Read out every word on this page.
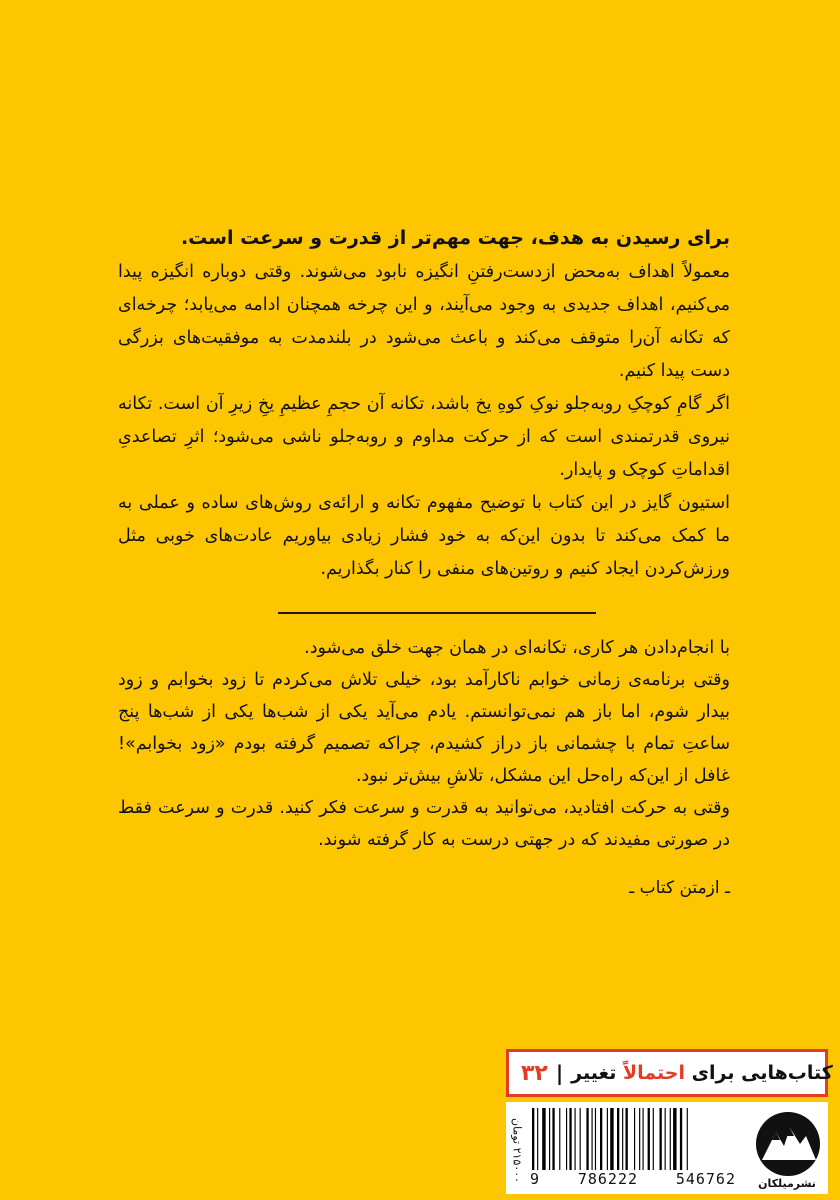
برای رسیدن به هدف، جهت مهم‌تر از قدرت و سرعت است.

معمولاً اهداف به‌محض ازدست‌رفتنِ انگیزه نابود می‌شوند. وقتی دوباره انگیزه پیدا می‌کنیم، اهداف جدیدی به وجود می‌آیند، و این چرخه همچنان ادامه می‌یابد؛ چرخه‌ای که تکانه آن‌را متوقف می‌کند و باعث می‌شود در بلندمدت به موفقیت‌های بزرگی دست پیدا کنیم.

اگر گامِ کوچکِ روبه‌جلو نوکِ کوهِ یخ باشد، تکانه آن حجمِ عظیمِ یخِ زیرِ آن است. تکانه نیروی قدرتمندی است که از حرکت مداوم و روبه‌جلو ناشی می‌شود؛ اثرِ تصاعدیِ اقداماتِ کوچک و پایدار.

استیون گایز در این کتاب با توضیح مفهوم تکانه و ارائه‌ی روش‌های ساده و عملی به ما کمک می‌کند تا بدون این‌که به خود فشار زیادی بیاوریم عادت‌های خوبی مثل ورزش‌کردن ایجاد کنیم و روتین‌های منفی را کنار بگذاریم.

با انجام‌دادن هر کاری، تکانه‌ای در همان جهت خلق می‌شود.

وقتی برنامه‌ی زمانی خوابم ناکارآمد بود، خیلی تلاش می‌کردم تا زود بخوابم و زود بیدار شوم، اما باز هم نمی‌توانستم. یادم می‌آید یکی از شب‌ها یکی از شب‌ها پنج ساعتِ تمام با چشمانی باز دراز کشیدم، چراکه تصمیم گرفته بودم «زود بخوابم»! غافل از این‌که راه‌حل این مشکل، تلاشِ بیش‌تر نبود.

وقتی به حرکت افتادید، می‌توانید به قدرت و سرعت فکر کنید. قدرت و سرعت فقط در صورتی مفیدند که در جهتی درست به کار گرفته شوند.

ـ ازمتن کتاب ـ
کتاب‌هایی برای احتمالاً تغییر
|
۳۲
نشرمیلکان
9	786222	546762
۲۱۵۰۰۰ تومان
